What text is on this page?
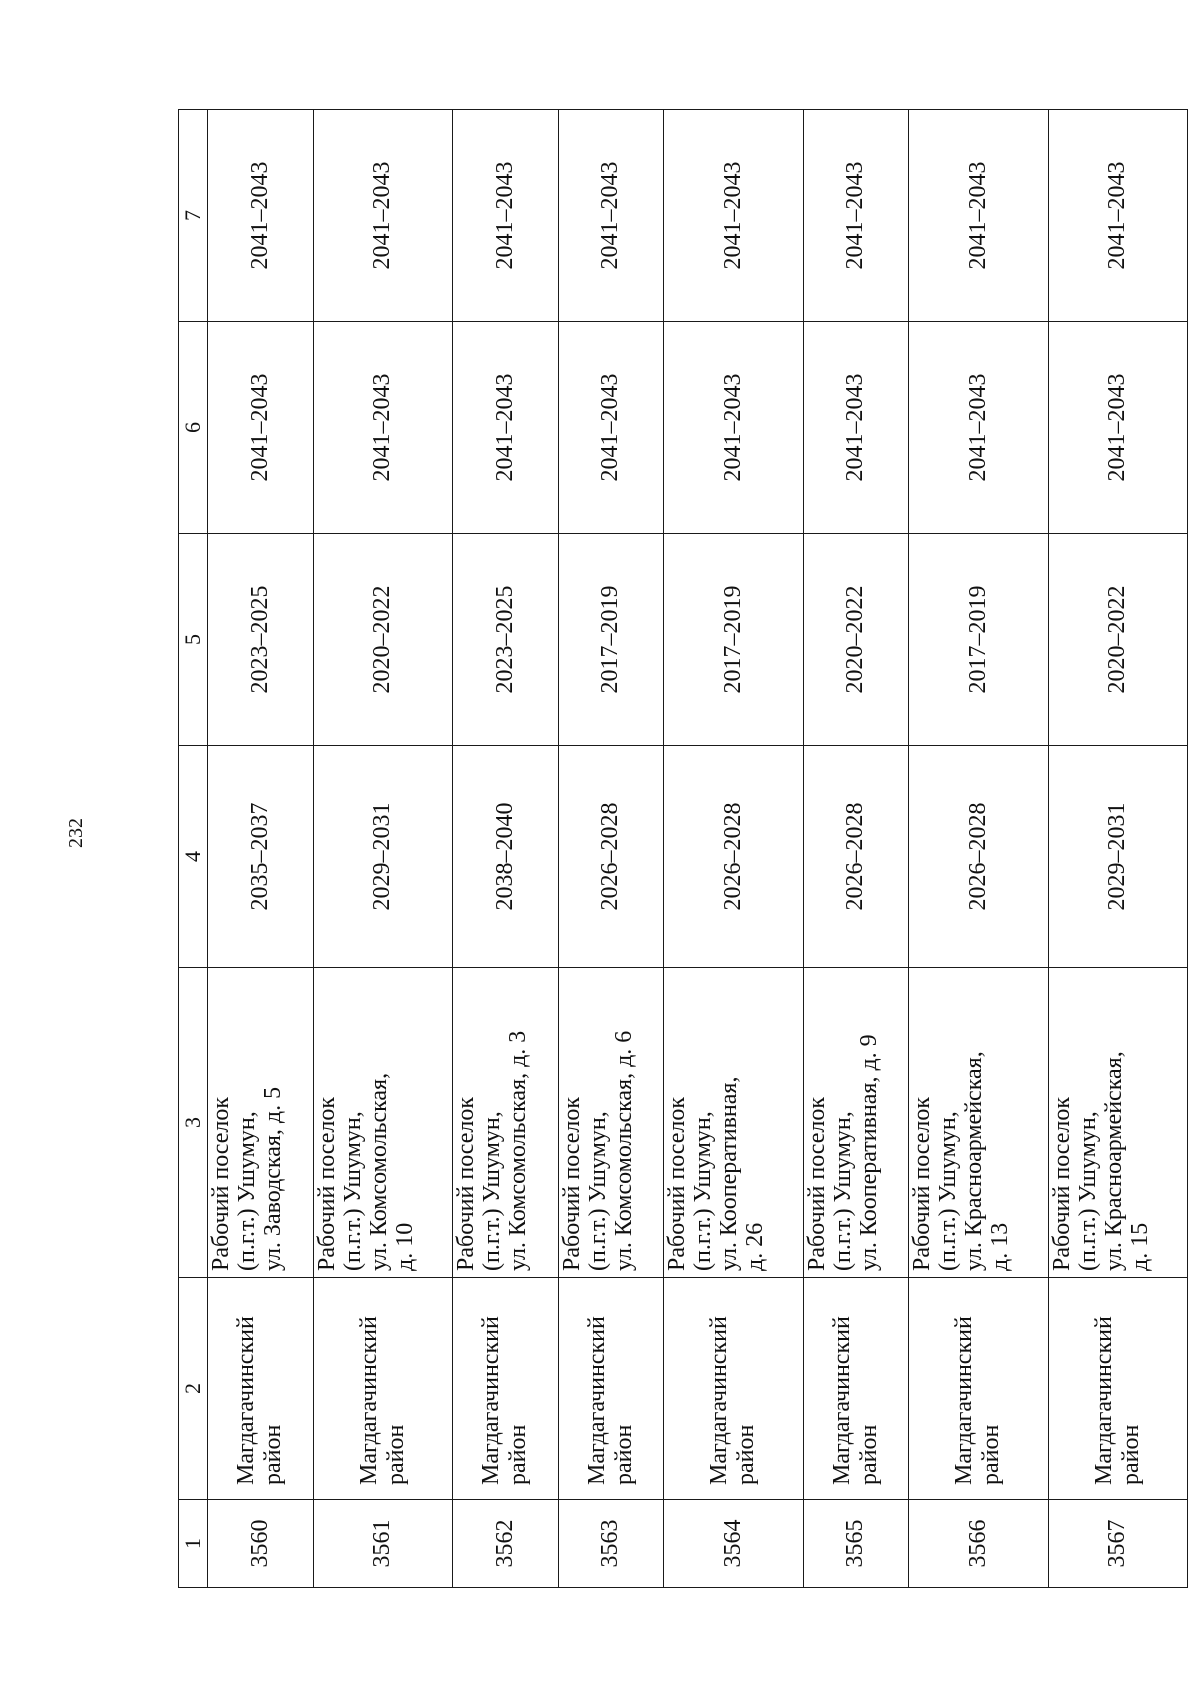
232
1	2	3	4	5	6	7
3560	Магдагачинский район	Рабочий поселок (п.г.т.) Ушумун, ул. Заводская, д. 5	2035–2037	2023–2025	2041–2043	2041–2043
3561	Магдагачинский район	Рабочий поселок (п.г.т.) Ушумун, ул. Комсомольская, д. 10	2029–2031	2020–2022	2041–2043	2041–2043
3562	Магдагачинский район	Рабочий поселок (п.г.т.) Ушумун, ул. Комсомольская, д. 3	2038–2040	2023–2025	2041–2043	2041–2043
3563	Магдагачинский район	Рабочий поселок (п.г.т.) Ушумун, ул. Комсомольская, д. 6	2026–2028	2017–2019	2041–2043	2041–2043
3564	Магдагачинский район	Рабочий поселок (п.г.т.) Ушумун, ул. Кооперативная, д. 26	2026–2028	2017–2019	2041–2043	2041–2043
3565	Магдагачинский район	Рабочий поселок (п.г.т.) Ушумун, ул. Кооперативная, д. 9	2026–2028	2020–2022	2041–2043	2041–2043
3566	Магдагачинский район	Рабочий поселок (п.г.т.) Ушумун, ул. Красноармейская, д. 13	2026–2028	2017–2019	2041–2043	2041–2043
3567	Магдагачинский район	Рабочий поселок (п.г.т.) Ушумун, ул. Красноармейская, д. 15	2029–2031	2020–2022	2041–2043	2041–2043
